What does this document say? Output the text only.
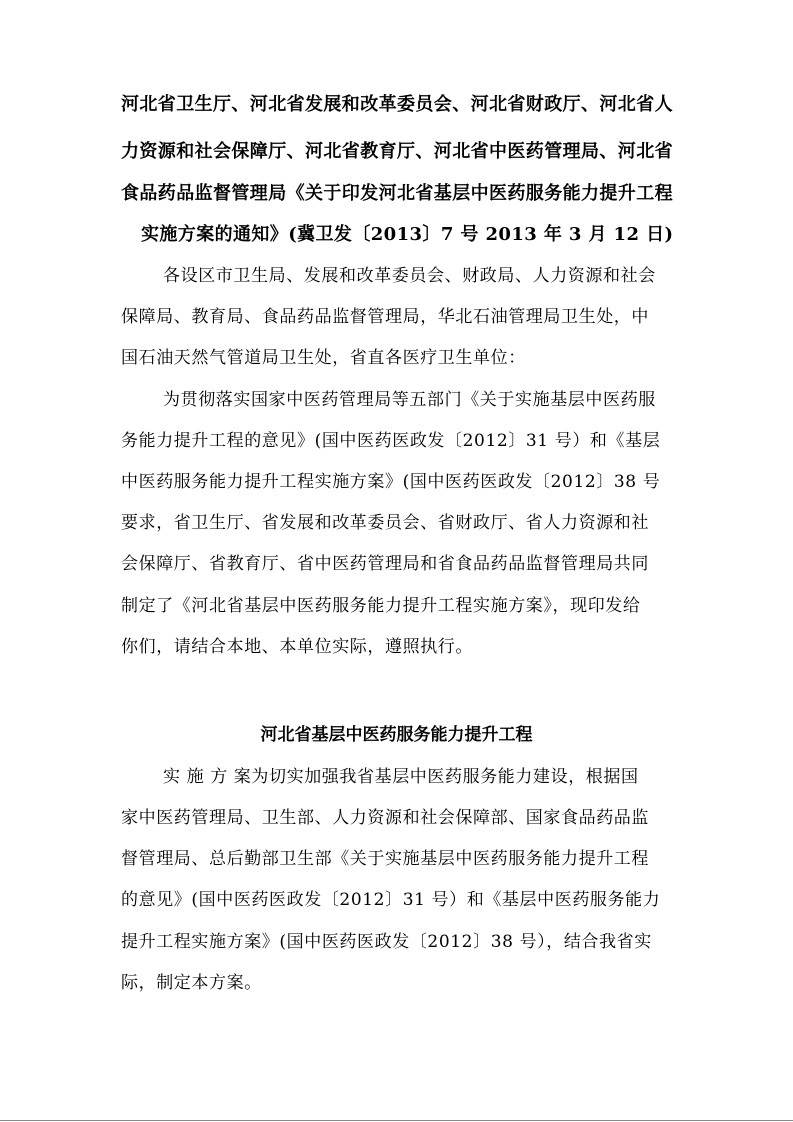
河北省卫生厅、河北省发展和改革委员会、河北省财政厅、河北省人
力资源和社会保障厅、河北省教育厅、河北省中医药管理局、河北省
食品药品监督管理局《关于印发河北省基层中医药服务能力提升工程
实施方案的通知》(冀卫发〔2013〕7 号 2013 年 3 月 12 日)
各设区市卫生局、发展和改革委员会、财政局、人力资源和社会
保障局、教育局、食品药品监督管理局，华北石油管理局卫生处，中
国石油天然气管道局卫生处，省直各医疗卫生单位：
为贯彻落实国家中医药管理局等五部门《关于实施基层中医药服
务能力提升工程的意见》(国中医药医政发〔2012〕31 号）和《基层
中医药服务能力提升工程实施方案》(国中医药医政发〔2012〕38 号
要求，省卫生厅、省发展和改革委员会、省财政厅、省人力资源和社
会保障厅、省教育厅、省中医药管理局和省食品药品监督管理局共同
制定了《河北省基层中医药服务能力提升工程实施方案》，现印发给
你们，请结合本地、本单位实际，遵照执行。
河北省基层中医药服务能力提升工程
实 施 方 案为切实加强我省基层中医药服务能力建设，根据国
家中医药管理局、卫生部、人力资源和社会保障部、国家食品药品监
督管理局、总后勤部卫生部《关于实施基层中医药服务能力提升工程
的意见》(国中医药医政发〔2012〕31 号）和《基层中医药服务能力
提升工程实施方案》(国中医药医政发〔2012〕38 号），结合我省实
际，制定本方案。
